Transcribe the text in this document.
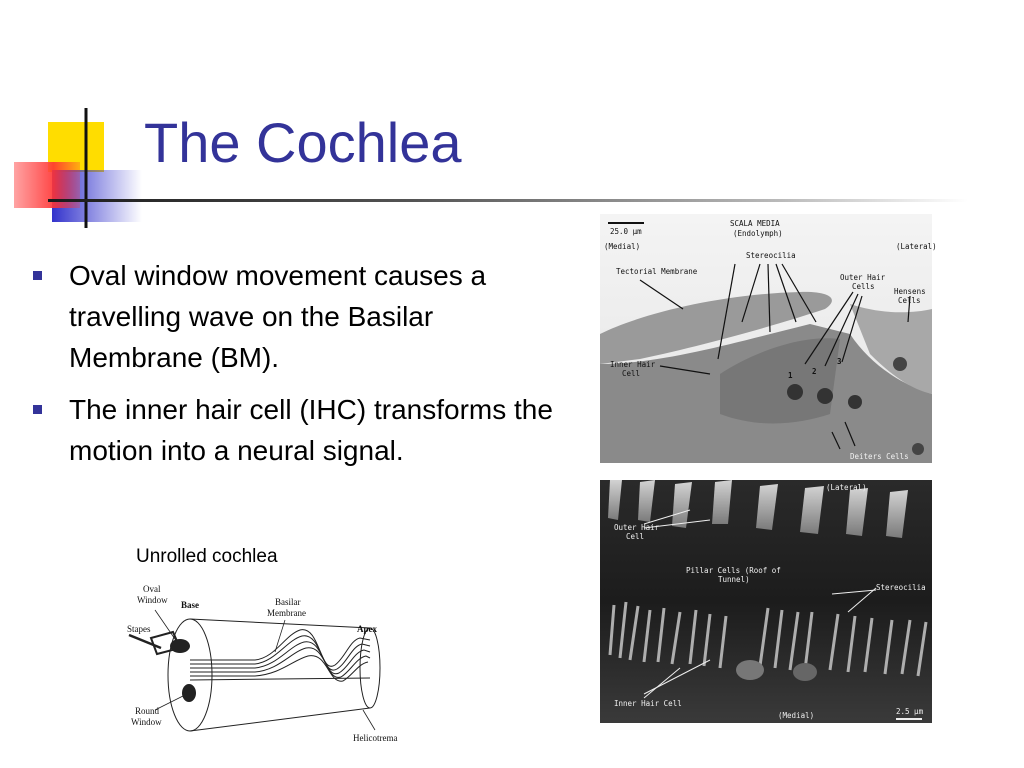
The Cochlea
Oval window movement causes a travelling wave on the Basilar Membrane (BM).
The inner hair cell (IHC) transforms the motion into a neural signal.
Unrolled cochlea
Oval
Window Base	Basilar
Membrane
Apex
Stapes
Round
Window
Helicotrema
25.0 µm
SCALA MEDIA
(Endolymph)
(Medial)	(Lateral)
Tectorial Membrane
Stereocilia
Outer Hair
Cells
Hensens
Cells
Inner Hair
Cell	1	2
3
Deiters Cells
(Lateral)
Outer Hair
Cell
Pillar Cells (Roof of
Tunnel)
Stereocilia
Inner Hair Cell
(Medial)	2.5 µm
